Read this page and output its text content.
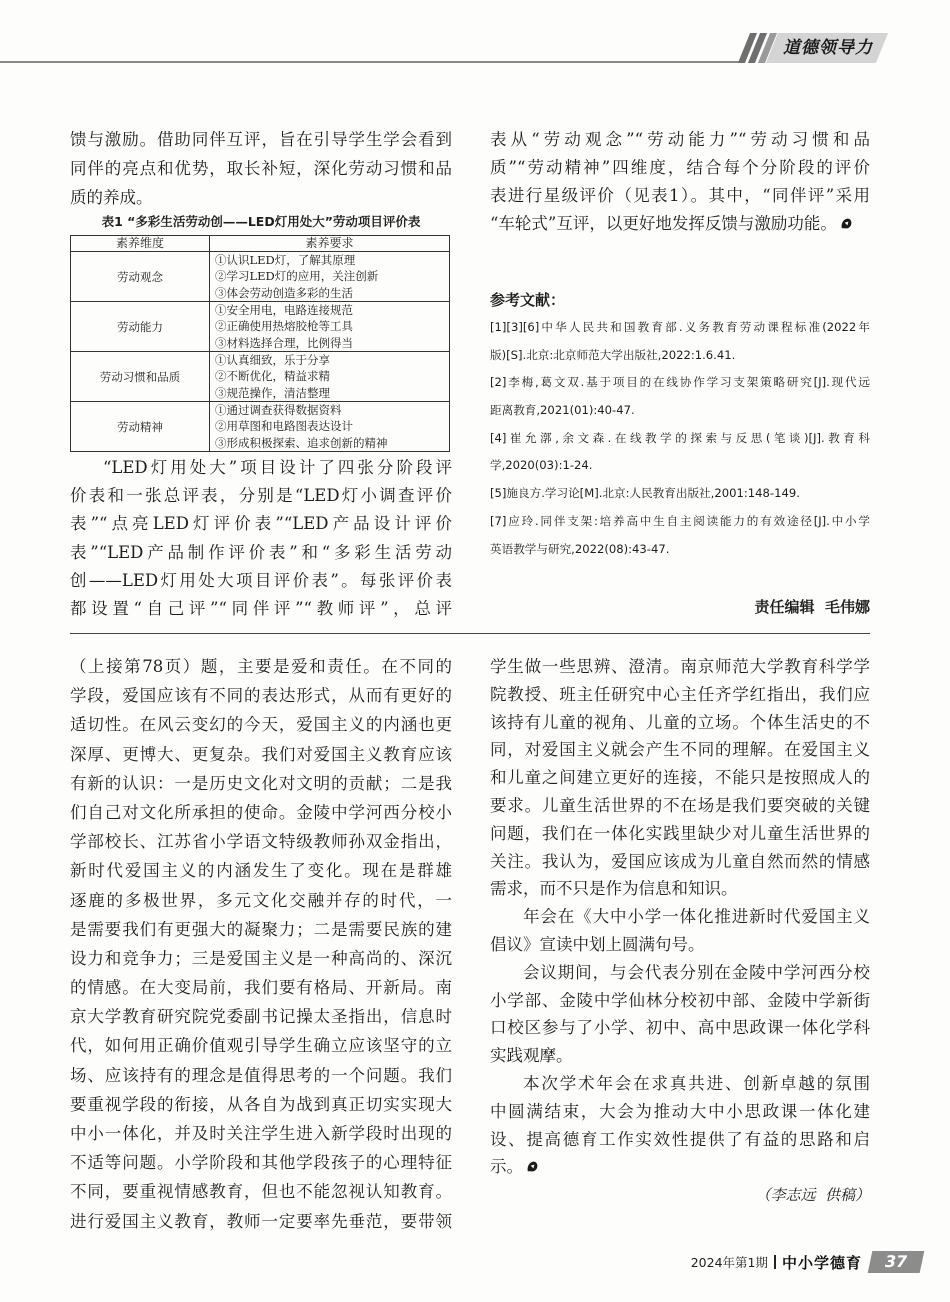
道德领导力
馈与激励。借助同伴互评，旨在引导学生学会看到
同伴的亮点和优势，取长补短，深化劳动习惯和品
质的养成。
表1 “多彩生活劳动创——LED灯用处大”劳动项目评价表
素养维度	素养要求
劳动观念	①认识LED灯，了解其原理
②学习LED灯的应用，关注创新
③体会劳动创造多彩的生活

劳动能力	①安全用电，电路连接规范
②正确使用热熔胶枪等工具
③材料选择合理，比例得当

劳动习惯和品质	①认真细致，乐于分享
②不断优化，精益求精
③规范操作，清洁整理

劳动精神	①通过调查获得数据资料
②用草图和电路图表达设计
③形成积极探索、追求创新的精神
“LED灯用处大”项目设计了四张分阶段评
价表和一张总评表，分别是“LED灯小调查评价
表”“点亮LED灯评价表”“LED产品设计评价
表”“LED产品制作评价表”和“多彩生活劳动
创——LED灯用处大项目评价表”。每张评价表
都设置“自己评”“同伴评”“教师评”，总评
表从“劳动观念”“劳动能力”“劳动习惯和品
质”“劳动精神”四维度，结合每个分阶段的评价
表进行星级评价（见表1）。其中，“同伴评”采用
“车轮式”互评，以更好地发挥反馈与激励功能。
参考文献：
[1][3][6]中华人民共和国教育部.义务教育劳动课程标准(2022年
版)[S].北京:北京师范大学出版社,2022:1.6.41.
[2]李梅,葛文双.基于项目的在线协作学习支架策略研究[J].现代远
距离教育,2021(01):40-47.
[4]崔允漷,余文森.在线教学的探索与反思(笔谈)[J].教育科
学,2020(03):1-24.
[5]施良方.学习论[M].北京:人民教育出版社,2001:148-149.
[7]应玲.同伴支架:培养高中生自主阅读能力的有效途径[J].中小学
英语教学与研究,2022(08):43-47.
责任编辑  毛伟娜
（上接第78页）题，主要是爱和责任。在不同的
学段，爱国应该有不同的表达形式，从而有更好的
适切性。在风云变幻的今天，爱国主义的内涵也更
深厚、更博大、更复杂。我们对爱国主义教育应该
有新的认识：一是历史文化对文明的贡献；二是我
们自己对文化所承担的使命。金陵中学河西分校小
学部校长、江苏省小学语文特级教师孙双金指出，
新时代爱国主义的内涵发生了变化。现在是群雄
逐鹿的多极世界，多元文化交融并存的时代，一
是需要我们有更强大的凝聚力；二是需要民族的建
设力和竞争力；三是爱国主义是一种高尚的、深沉
的情感。在大变局前，我们要有格局、开新局。南
京大学教育研究院党委副书记操太圣指出，信息时
代，如何用正确价值观引导学生确立应该坚守的立
场、应该持有的理念是值得思考的一个问题。我们
要重视学段的衔接，从各自为战到真正切实实现大
中小一体化，并及时关注学生进入新学段时出现的
不适等问题。小学阶段和其他学段孩子的心理特征
不同，要重视情感教育，但也不能忽视认知教育。
进行爱国主义教育，教师一定要率先垂范，要带领
学生做一些思辨、澄清。南京师范大学教育科学学
院教授、班主任研究中心主任齐学红指出，我们应
该持有儿童的视角、儿童的立场。个体生活史的不
同，对爱国主义就会产生不同的理解。在爱国主义
和儿童之间建立更好的连接，不能只是按照成人的
要求。儿童生活世界的不在场是我们要突破的关键
问题，我们在一体化实践里缺少对儿童生活世界的
关注。我认为，爱国应该成为儿童自然而然的情感
需求，而不只是作为信息和知识。
年会在《大中小学一体化推进新时代爱国主义
倡议》宣读中划上圆满句号。
会议期间，与会代表分别在金陵中学河西分校
小学部、金陵中学仙林分校初中部、金陵中学新街
口校区参与了小学、初中、高中思政课一体化学科
实践观摩。
本次学术年会在求真共进、创新卓越的氛围
中圆满结束，大会为推动大中小思政课一体化建
设、提高德育工作实效性提供了有益的思路和启
示。
（李志远  供稿）
2024年第1期 中小学德育	37
